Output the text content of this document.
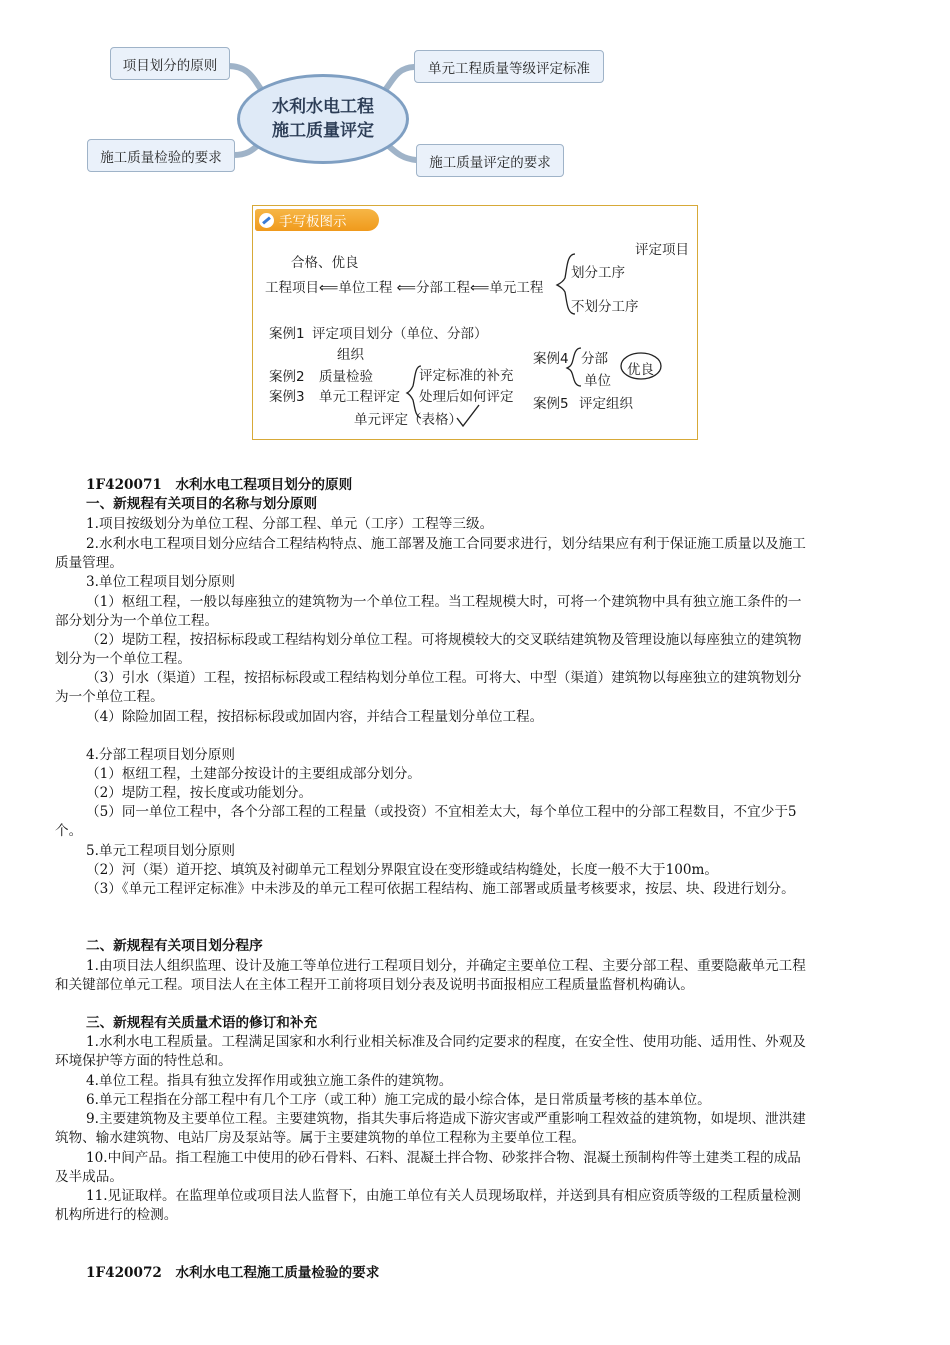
水利水电工程
施工质量评定
项目划分的原则	单元工程质量等级评定标准
施工质量检验的要求	施工质量评定的要求
手写板图示
评定项目
合格、优良
工程项目⟸单位工程 ⟸分部工程⟸单元工程
划分工序
不划分工序
案例1 评定项目划分（单位、分部）
组织
案例2 质量检验
案例3 单元工程评定
评定标准的补充
处理后如何评定
单元评定（表格）
案例4 分部
单位
优良
案例5 评定组织
1F420071　水利水电工程项目划分的原则
一、新规程有关项目的名称与划分原则
1.项目按级划分为单位工程、分部工程、单元（工序）工程等三级。
2.水利水电工程项目划分应结合工程结构特点、施工部署及施工合同要求进行，划分结果应有利于保证施工质量以及施工
质量管理。
3.单位工程项目划分原则
（1）枢纽工程，一般以每座独立的建筑物为一个单位工程。当工程规模大时，可将一个建筑物中具有独立施工条件的一
部分划分为一个单位工程。
（2）堤防工程，按招标标段或工程结构划分单位工程。可将规模较大的交叉联结建筑物及管理设施以每座独立的建筑物
划分为一个单位工程。
（3）引水（渠道）工程，按招标标段或工程结构划分单位工程。可将大、中型（渠道）建筑物以每座独立的建筑物划分
为一个单位工程。
（4）除险加固工程，按招标标段或加固内容，并结合工程量划分单位工程。
4.分部工程项目划分原则
（1）枢纽工程，土建部分按设计的主要组成部分划分。
（2）堤防工程，按长度或功能划分。
（5）同一单位工程中，各个分部工程的工程量（或投资）不宜相差太大，每个单位工程中的分部工程数目，不宜少于5
个。
5.单元工程项目划分原则
（2）河（渠）道开挖、填筑及衬砌单元工程划分界限宜设在变形缝或结构缝处，长度一般不大于100m。
（3）《单元工程评定标准》中未涉及的单元工程可依据工程结构、施工部署或质量考核要求，按层、块、段进行划分。
二、新规程有关项目划分程序
1.由项目法人组织监理、设计及施工等单位进行工程项目划分，并确定主要单位工程、主要分部工程、重要隐蔽单元工程
和关键部位单元工程。项目法人在主体工程开工前将项目划分表及说明书面报相应工程质量监督机构确认。
三、新规程有关质量术语的修订和补充
1.水利水电工程质量。工程满足国家和水利行业相关标准及合同约定要求的程度，在安全性、使用功能、适用性、外观及
环境保护等方面的特性总和。
4.单位工程。指具有独立发挥作用或独立施工条件的建筑物。
6.单元工程指在分部工程中有几个工序（或工种）施工完成的最小综合体，是日常质量考核的基本单位。
9.主要建筑物及主要单位工程。主要建筑物，指其失事后将造成下游灾害或严重影响工程效益的建筑物，如堤坝、泄洪建
筑物、输水建筑物、电站厂房及泵站等。属于主要建筑物的单位工程称为主要单位工程。
10.中间产品。指工程施工中使用的砂石骨料、石料、混凝土拌合物、砂浆拌合物、混凝土预制构件等土建类工程的成品
及半成品。
11.见证取样。在监理单位或项目法人监督下，由施工单位有关人员现场取样，并送到具有相应资质等级的工程质量检测
机构所进行的检测。
1F420072　水利水电工程施工质量检验的要求
